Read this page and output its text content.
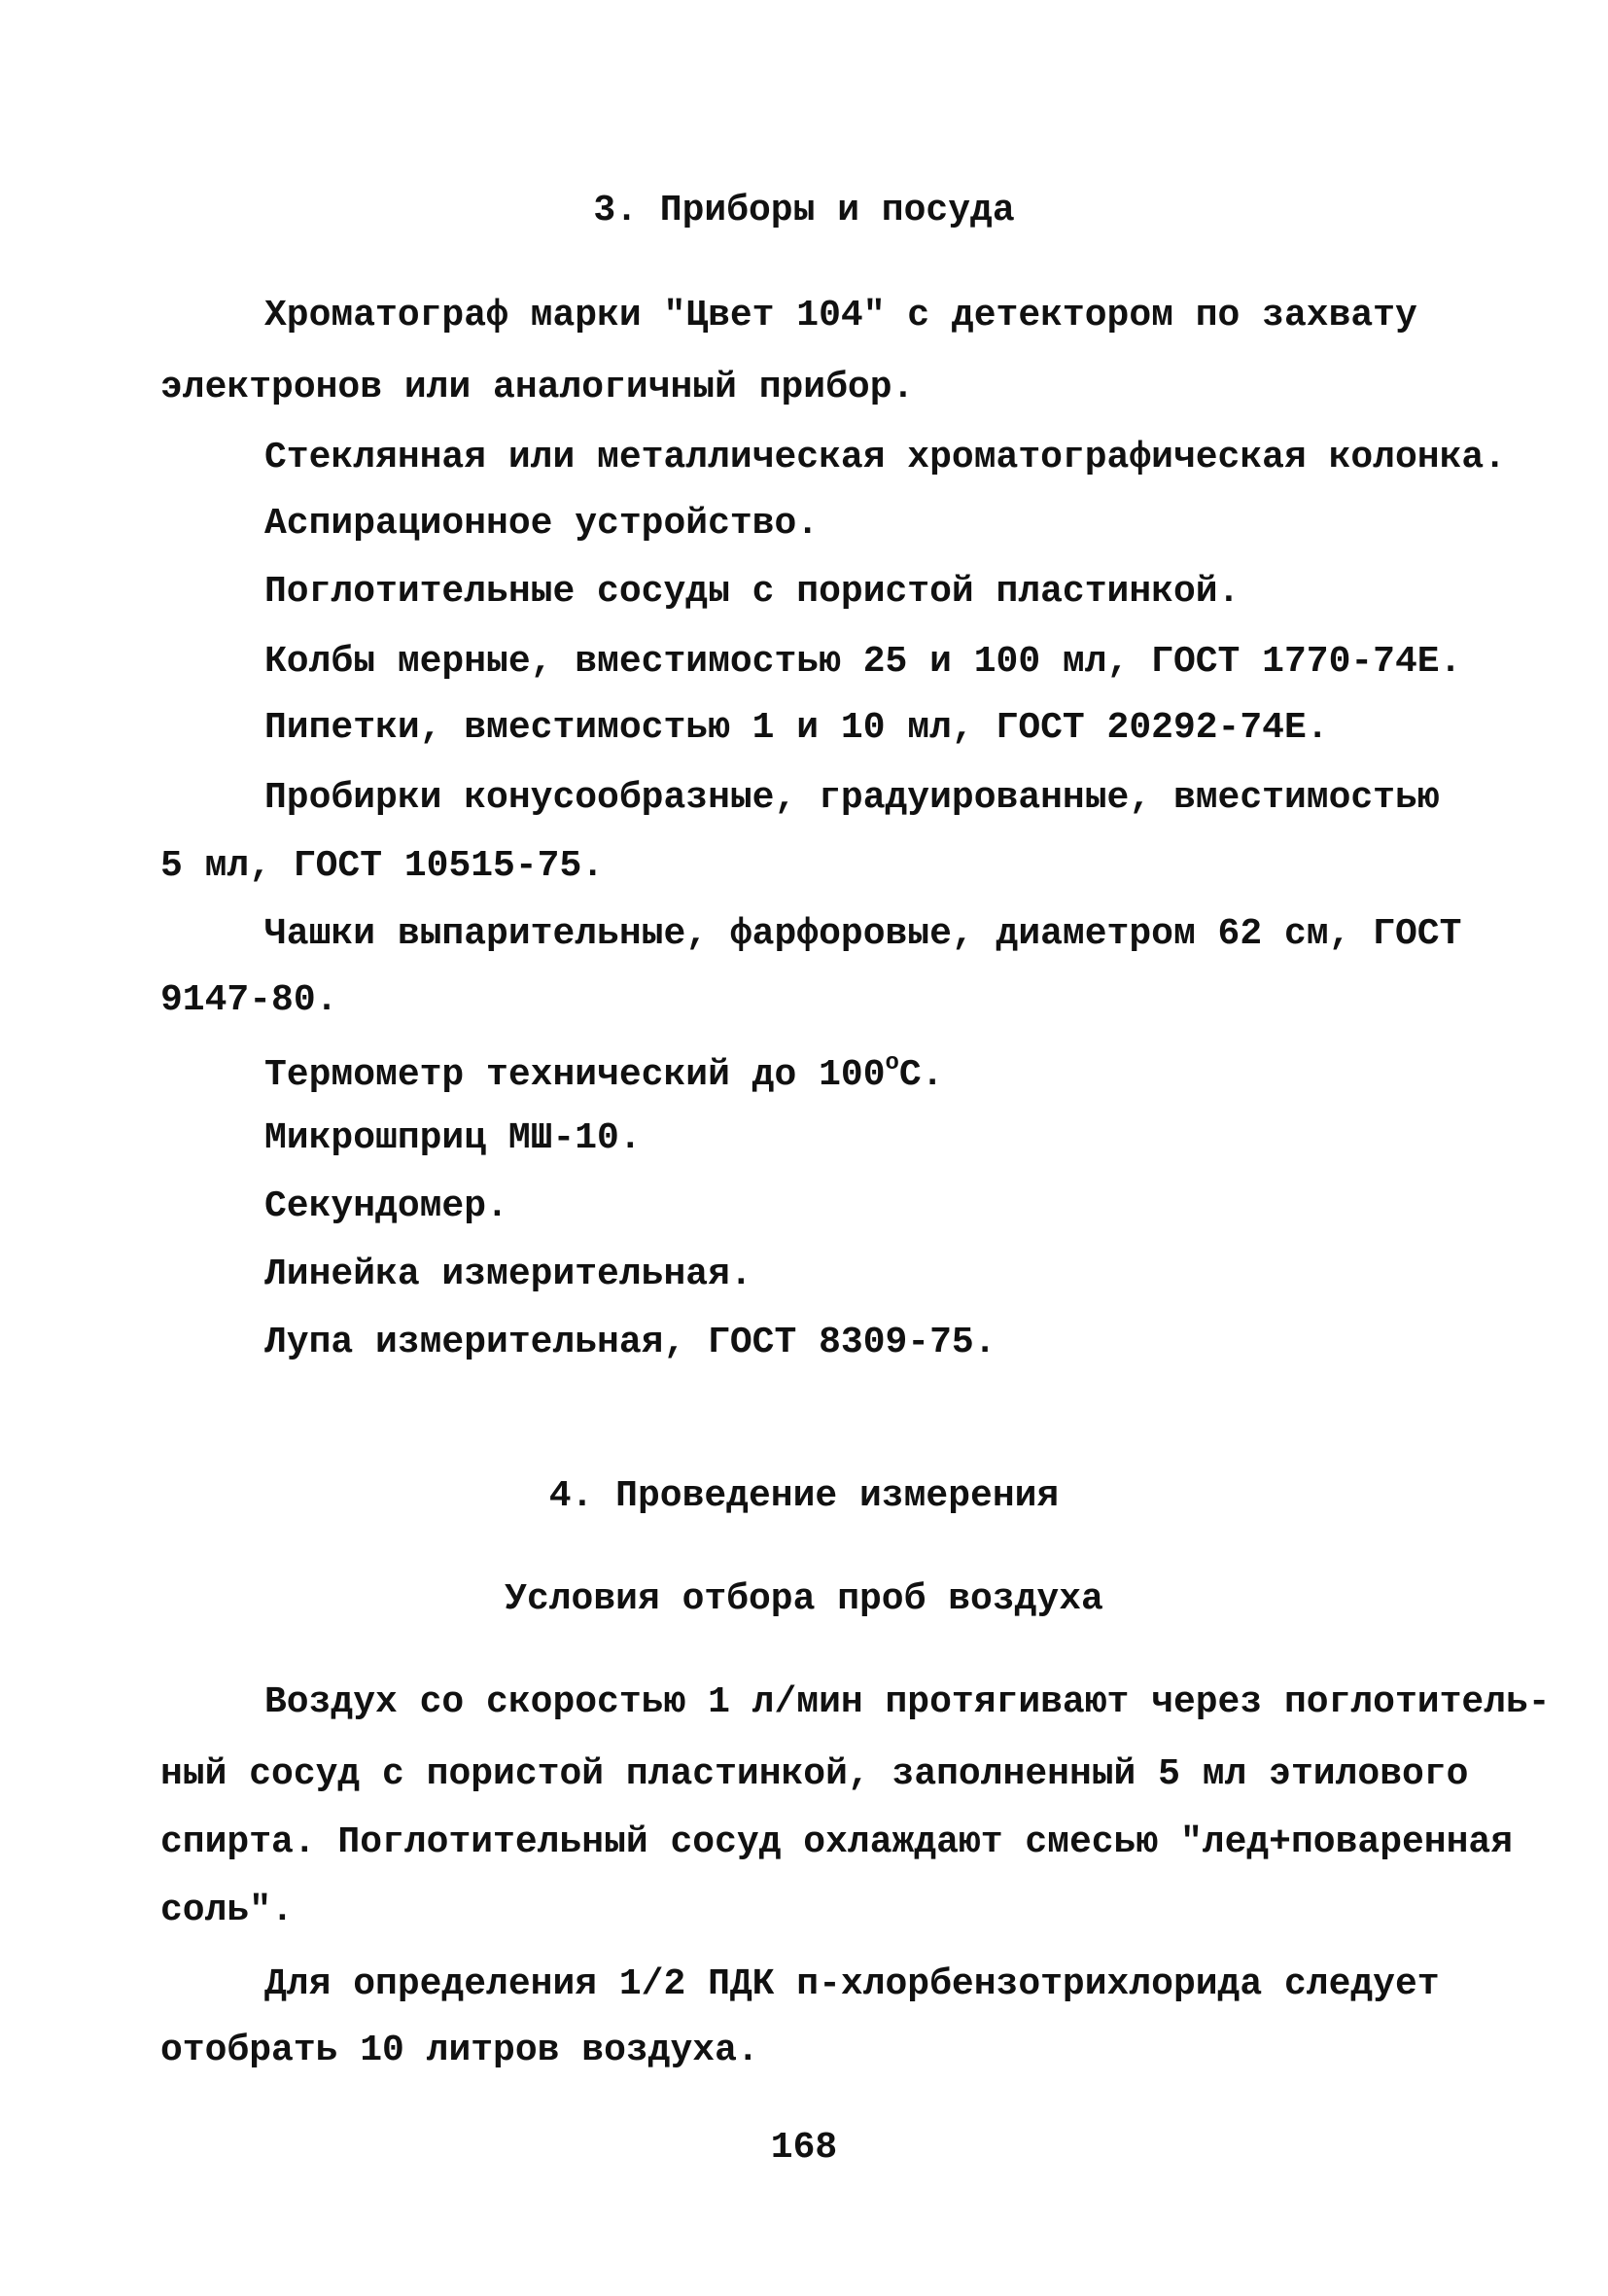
3. Приборы и посуда
Хроматограф марки "Цвет 104" с детектором по захвату
электронов или аналогичный прибор.
Стеклянная или металлическая хроматографическая колонка.
Аспирационное устройство.
Поглотительные сосуды с пористой пластинкой.
Колбы мерные, вместимостью 25 и 100 мл, ГОСТ 1770-74Е.
Пипетки, вместимостью 1 и 10 мл, ГОСТ 20292-74Е.
Пробирки конусообразные, градуированные, вместимостью
5 мл, ГОСТ 10515-75.
Чашки выпарительные, фарфоровые, диаметром 62 см, ГОСТ
9147-80.
Термометр технический до $100^оС$.
Микрошприц МШ-10.
Секундомер.
Линейка измерительная.
Лупа измерительная, ГОСТ 8309-75.
4. Проведение измерения
Условия отбора проб воздуха
Воздух со скоростью 1 л/мин протягивают через поглотитель-
ный сосуд с пористой пластинкой, заполненный 5 мл этилового
спирта. Поглотительный сосуд охлаждают смесью "лед+поваренная
соль".
Для определения 1/2 ПДК п-хлорбензотрихлорида следует
отобрать 10 литров воздуха.
168
